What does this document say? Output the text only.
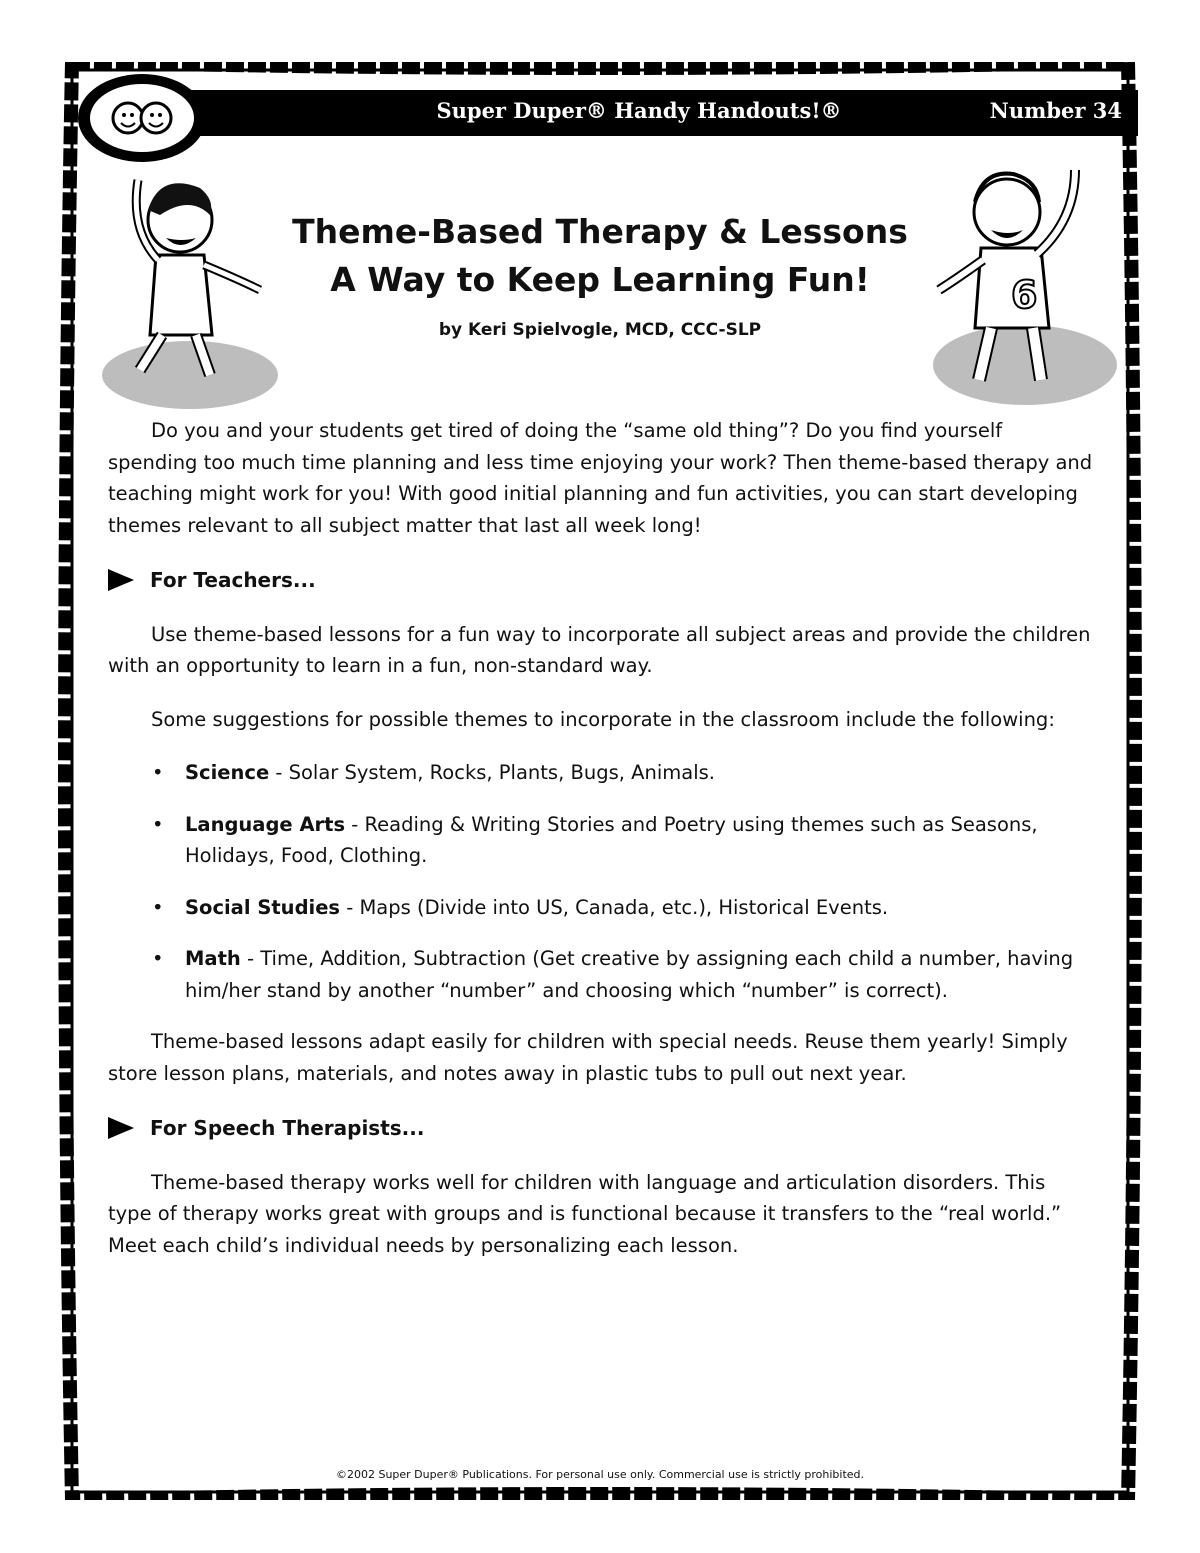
Super Duper® Handy Handouts!®	Number 34
6
Theme-Based Therapy & Lessons
A Way to Keep Learning Fun!
by Keri Spielvogle, MCD, CCC-SLP

Do you and your students get tired of doing the “same old thing”? Do you find yourself spending too much time planning and less time enjoying your work? Then theme-based therapy and teaching might work for you! With good initial planning and fun activities, you can start developing themes relevant to all subject matter that last all week long!

For Teachers...

Use theme-based lessons for a fun way to incorporate all subject areas and provide the children with an opportunity to learn in a fun, non-standard way.

Some suggestions for possible themes to incorporate in the classroom include the following:

• Science - Solar System, Rocks, Plants, Bugs, Animals.
• Language Arts - Reading & Writing Stories and Poetry using themes such as Seasons, Holidays, Food, Clothing.
• Social Studies - Maps (Divide into US, Canada, etc.), Historical Events.
• Math - Time, Addition, Subtraction (Get creative by assigning each child a number, having him/her stand by another “number” and choosing which “number” is correct).

Theme-based lessons adapt easily for children with special needs. Reuse them yearly! Simply store lesson plans, materials, and notes away in plastic tubs to pull out next year.

For Speech Therapists...

Theme-based therapy works well for children with language and articulation disorders. This type of therapy works great with groups and is functional because it transfers to the “real world.” Meet each child’s individual needs by personalizing each lesson.

©2002 Super Duper® Publications. For personal use only. Commercial use is strictly prohibited.
